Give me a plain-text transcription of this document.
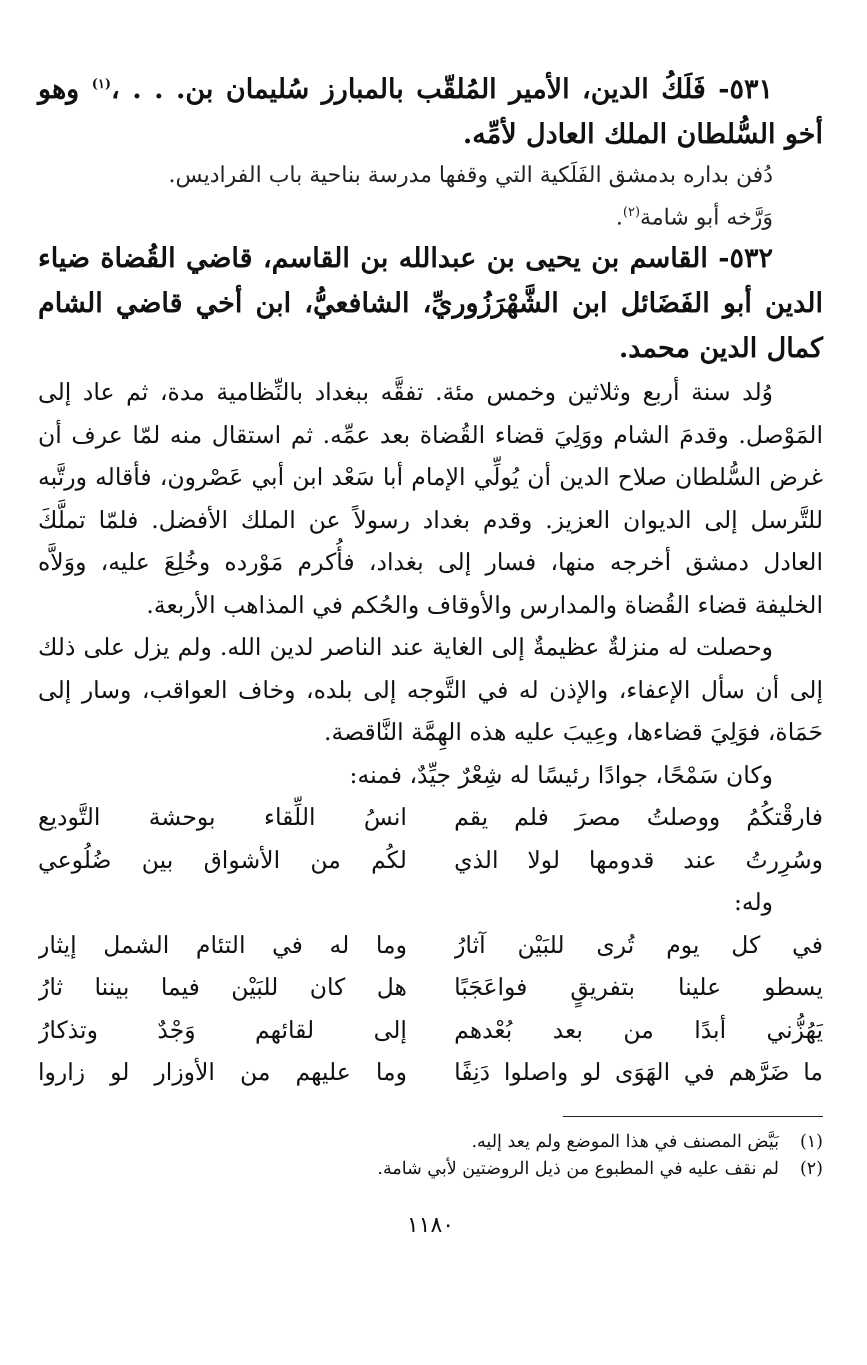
٥٣١- فَلَكُ الدين، الأمير المُلقّب بالمبارز سُليمان بن. . . ،$^{(١)}$ وهو أخو السُّلطان الملك العادل لأمِّه.

دُفن بداره بدمشق الفَلَكية التي وقفها مدرسة بناحية باب الفراديس.

وَرَّخه أبو شامة$^{(٢)}$.

٥٣٢- القاسم بن يحيى بن عبدالله بن القاسم، قاضي القُضاة ضياء الدين أبو الفَضَائل ابن الشَّهْرَزُوريِّ، الشافعيُّ، ابن أخي قاضي الشام كمال الدين محمد.

وُلد سنة أربع وثلاثين وخمس مئة. تفقَّه ببغداد بالنِّظامية مدة، ثم عاد إلى المَوْصل. وقدمَ الشام ووَلِيَ قضاء القُضاة بعد عمِّه. ثم استقال منه لمّا عرف أن غرض السُّلطان صلاح الدين أن يُولِّي الإمام أبا سَعْد ابن أبي عَصْرون، فأقاله ورتَّبه للتَّرسل إلى الديوان العزيز. وقدم بغداد رسولاً عن الملك الأفضل. فلمّا تملَّكَ العادل دمشق أخرجه منها، فسار إلى بغداد، فأُكرم مَوْرده وخُلِعَ عليه، ووَلاَّه الخليفة قضاء القُضاة والمدارس والأوقاف والحُكم في المذاهب الأربعة.

وحصلت له منزلةٌ عظيمةٌ إلى الغاية عند الناصر لدين الله. ولم يزل على ذلك إلى أن سأل الإعفاء، والإذن له في التَّوجه إلى بلده، وخاف العواقب، وسار إلى حَمَاة، فوَلِيَ قضاءها، وعِيبَ عليه هذه الهِمَّة النَّاقصة.

وكان سَمْحًا، جوادًا رئيسًا له شِعْرٌ جيِّدٌ، فمنه:

فارقْتكُمُ ووصلتُ مصرَ فلم يقم
انسُ اللِّقاء بوحشة التَّوديع
وسُرِرتُ عند قدومها لولا الذي
لكُم من الأشواق بين ضُلُوعي

وله:

في كل يوم تُرى للبَيْن آثارُ
وما له في التئام الشمل إيثار
يسطو علينا بتفريقٍ فواعَجَبًا
هل كان للبَيْن فيما بيننا ثارُ
يَهُزُّني أبدًا من بعد بُعْدهم
إلى لقائهم وَجْدٌ وتذكارُ
ما ضَرَّهم في الهَوَى لو واصلوا دَنِفًا
وما عليهم من الأوزار لو زاروا
(١)
بَيَّض المصنف في هذا الموضع ولم يعد إليه.
(٢)
لم نقف عليه في المطبوع من ذيل الروضتين لأبي شامة.
١١٨٠
